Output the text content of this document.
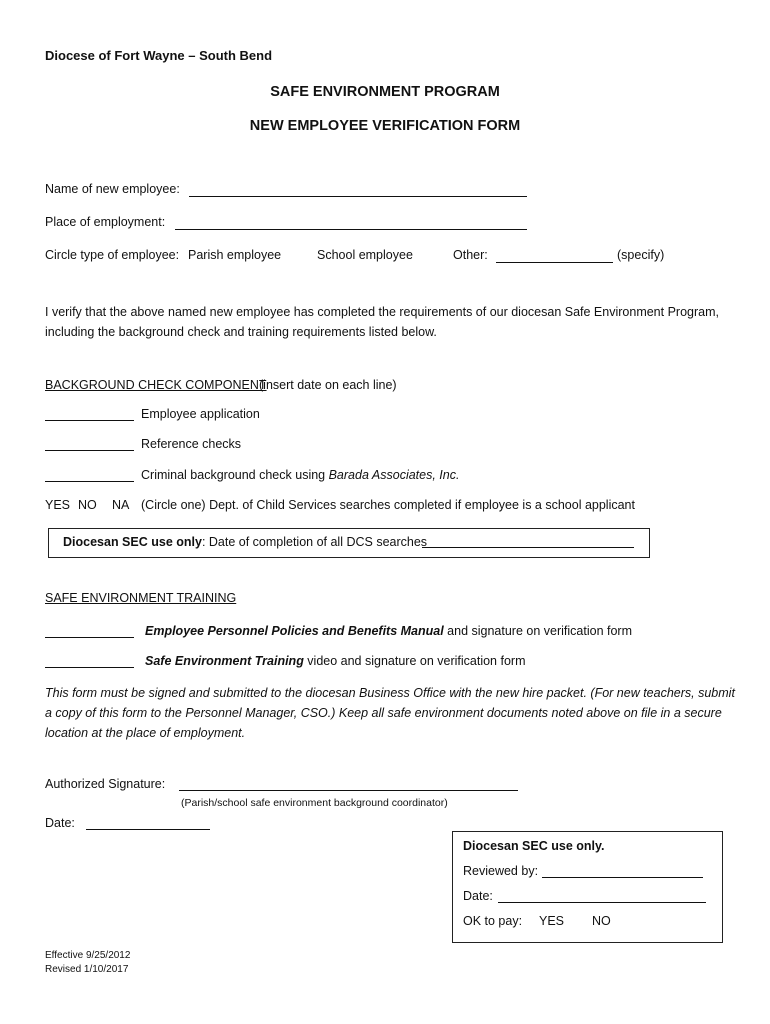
Diocese of Fort Wayne – South Bend
SAFE ENVIRONMENT PROGRAM
NEW EMPLOYEE VERIFICATION FORM
Name of new employee:
Place of employment:
Circle type of employee: Parish employee	School employee	Other:	(specify)
I verify that the above named new employee has completed the requirements of our diocesan Safe Environment Program, including the background check and training requirements listed below.
BACKGROUND CHECK COMPONENT
(insert date on each line)
Employee application
Reference checks
Criminal background check using Barada Associates, Inc.
YES NO NA (Circle one) Dept. of Child Services searches completed if employee is a school applicant
Diocesan SEC use only: Date of completion of all DCS searches
SAFE ENVIRONMENT TRAINING
Employee Personnel Policies and Benefits Manual and signature on verification form
Safe Environment Training video and signature on verification form
This form must be signed and submitted to the diocesan Business Office with the new hire packet. (For new teachers, submit a copy of this form to the Personnel Manager, CSO.) Keep all safe environment documents noted above on file in a secure location at the place of employment.
Authorized Signature:
(Parish/school safe environment background coordinator)
Date:
Diocesan SEC use only.
Reviewed by:
Date:
OK to pay: YES NO
Effective 9/25/2012
Revised 1/10/2017
